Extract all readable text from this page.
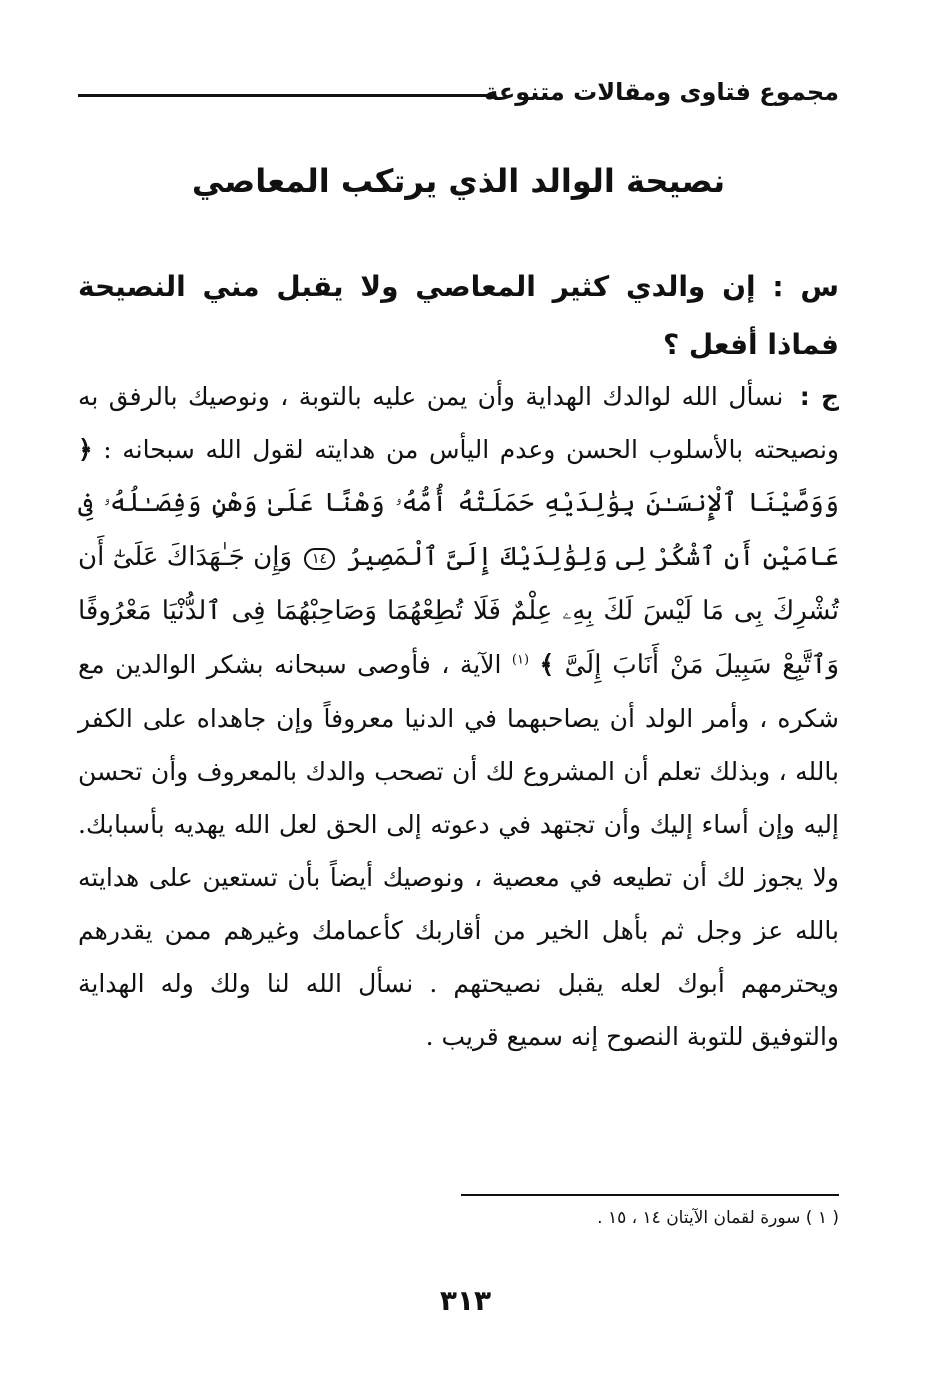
مجموع فتاوى ومقالات متنوعة
نصيحة الوالد الذي يرتكب المعاصي

س : إن والدي كثير المعاصي ولا يقبل مني النصيحة فماذا أفعل ؟

ج : نسأل الله لوالدك الهداية وأن يمن عليه بالتوبة ، ونوصيك بالرفق به ونصيحته بالأسلوب الحسن وعدم اليأس من هدايته لقول الله سبحانه : ﴿ وَوَصَّيْنَا ٱلْإِنسَـٰنَ بِوَٰلِدَيْهِ حَمَلَتْهُ أُمُّهُۥ وَهْنًا عَلَىٰ وَهْنٍ وَفِصَـٰلُهُۥ فِى عَامَيْنِ أَنِ ٱشْكُرْ لِى وَلِوَٰلِدَيْكَ إِلَىَّ ٱلْمَصِيرُ ١٤ وَإِن جَـٰهَدَاكَ عَلَىٰٓ أَن تُشْرِكَ بِى مَا لَيْسَ لَكَ بِهِۦ عِلْمٌ فَلَا تُطِعْهُمَا وَصَاحِبْهُمَا فِى ٱلدُّنْيَا مَعْرُوفًا وَٱتَّبِعْ سَبِيلَ مَنْ أَنَابَ إِلَىَّ ﴾ $^{(١)}$ الآية ، فأوصى سبحانه بشكر الوالدين مع شكره ، وأمر الولد أن يصاحبهما في الدنيا معروفاً وإن جاهداه على الكفر بالله ، وبذلك تعلم أن المشروع لك أن تصحب والدك بالمعروف وأن تحسن إليه وإن أساء إليك وأن تجتهد في دعوته إلى الحق لعل الله يهديه بأسبابك. ولا يجوز لك أن تطيعه في معصية ، ونوصيك أيضاً بأن تستعين على هدايته بالله عز وجل ثم بأهل الخير من أقاربك كأعمامك وغيرهم ممن يقدرهم ويحترمهم أبوك لعله يقبل نصيحتهم . نسأل الله لنا ولك وله الهداية والتوفيق للتوبة النصوح إنه سميع قريب .

( ١ ) سورة لقمان الآيتان ١٤ ، ١٥ .

٣١٣
